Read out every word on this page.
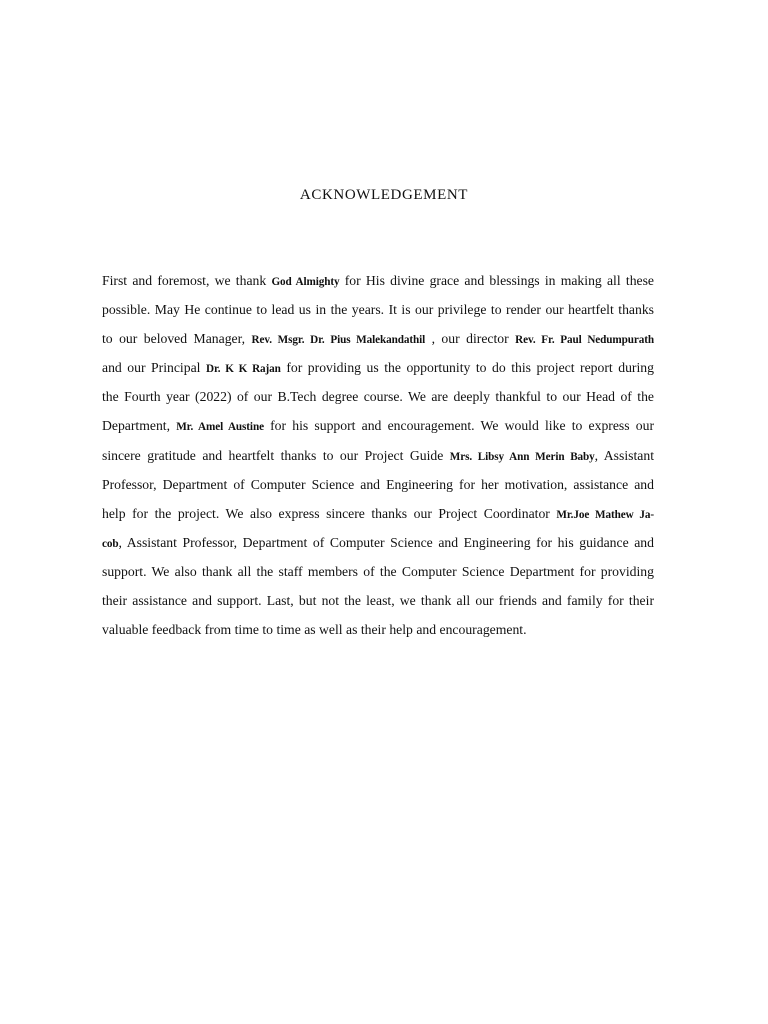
ACKNOWLEDGEMENT
First and foremost, we thank God Almighty for His divine grace and blessings in making all these
possible. May He continue to lead us in the years. It is our privilege to render our heartfelt thanks
to our beloved Manager, Rev. Msgr. Dr. Pius Malekandathil , our director Rev. Fr. Paul Nedumpurath
and our Principal Dr. K K Rajan for providing us the opportunity to do this project report during
the Fourth year (2022) of our B.Tech degree course. We are deeply thankful to our Head of the
Department, Mr. Amel Austine for his support and encouragement. We would like to express our
sincere gratitude and heartfelt thanks to our Project Guide Mrs. Libsy Ann Merin Baby, Assistant
Professor, Department of Computer Science and Engineering for her motivation, assistance and
help for the project. We also express sincere thanks our Project Coordinator Mr.Joe Mathew Ja-
cob, Assistant Professor, Department of Computer Science and Engineering for his guidance and
support. We also thank all the staff members of the Computer Science Department for providing
their assistance and support. Last, but not the least, we thank all our friends and family for their
valuable feedback from time to time as well as their help and encouragement.
